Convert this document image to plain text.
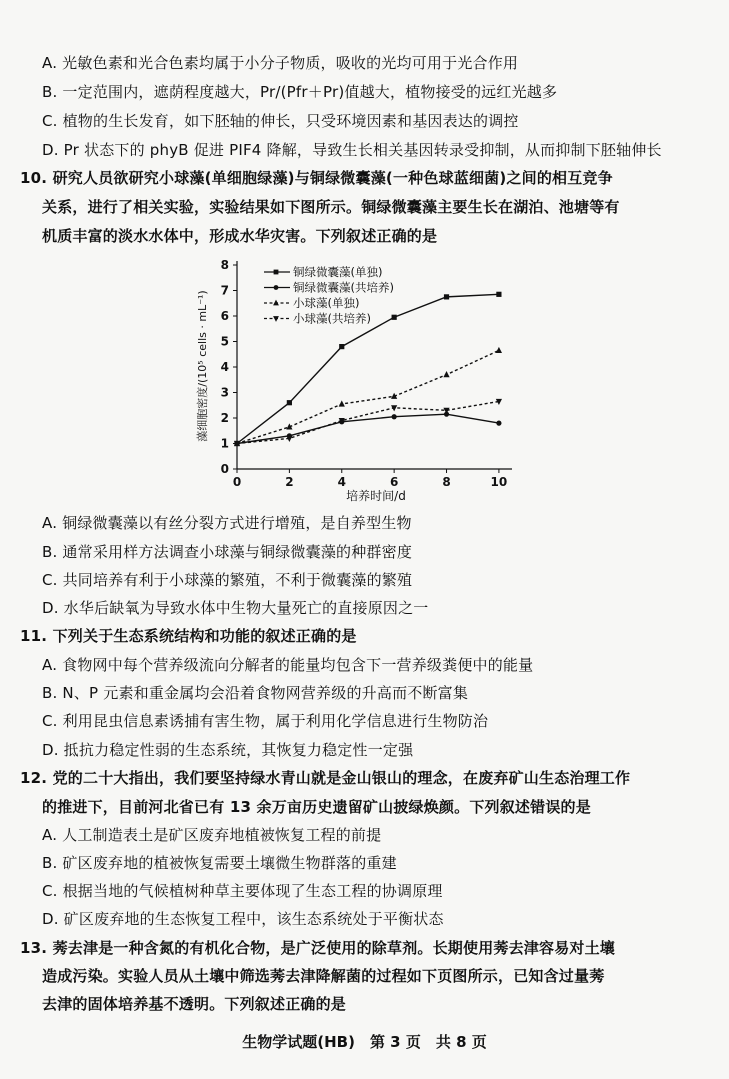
A. 光敏色素和光合色素均属于小分子物质，吸收的光均可用于光合作用
B. 一定范围内，遮荫程度越大，Pr/(Pfr＋Pr)值越大，植物接受的远红光越多
C. 植物的生长发育，如下胚轴的伸长，只受环境因素和基因表达的调控
D. Pr 状态下的 phyB 促进 PIF4 降解，导致生长相关基因转录受抑制，从而抑制下胚轴伸长
10. 研究人员欲研究小球藻(单细胞绿藻)与铜绿微囊藻(一种色球蓝细菌)之间的相互竞争
关系，进行了相关实验，实验结果如下图所示。铜绿微囊藻主要生长在湖泊、池塘等有
机质丰富的淡水水体中，形成水华灾害。下列叙述正确的是
0
1
2
3
4
5
6
7
8
0	2	4	6	8	10
铜绿微囊藻(单独)
铜绿微囊藻(共培养)
小球藻(单独)
小球藻(共培养)
藻细胞密度/(10⁵ cells · mL⁻¹)
培养时间/d
A. 铜绿微囊藻以有丝分裂方式进行增殖，是自养型生物
B. 通常采用样方法调查小球藻与铜绿微囊藻的种群密度
C. 共同培养有利于小球藻的繁殖，不利于微囊藻的繁殖
D. 水华后缺氧为导致水体中生物大量死亡的直接原因之一
11. 下列关于生态系统结构和功能的叙述正确的是
A. 食物网中每个营养级流向分解者的能量均包含下一营养级粪便中的能量
B. N、P 元素和重金属均会沿着食物网营养级的升高而不断富集
C. 利用昆虫信息素诱捕有害生物，属于利用化学信息进行生物防治
D. 抵抗力稳定性弱的生态系统，其恢复力稳定性一定强
12. 党的二十大指出，我们要坚持绿水青山就是金山银山的理念，在废弃矿山生态治理工作
的推进下，目前河北省已有 13 余万亩历史遗留矿山披绿焕颜。下列叙述错误的是
A. 人工制造表土是矿区废弃地植被恢复工程的前提
B. 矿区废弃地的植被恢复需要土壤微生物群落的重建
C. 根据当地的气候植树种草主要体现了生态工程的协调原理
D. 矿区废弃地的生态恢复工程中，该生态系统处于平衡状态
13. 莠去津是一种含氮的有机化合物，是广泛使用的除草剂。长期使用莠去津容易对土壤
造成污染。实验人员从土壤中筛选莠去津降解菌的过程如下页图所示，已知含过量莠
去津的固体培养基不透明。下列叙述正确的是
生物学试题(HB)　第 3 页　共 8 页
